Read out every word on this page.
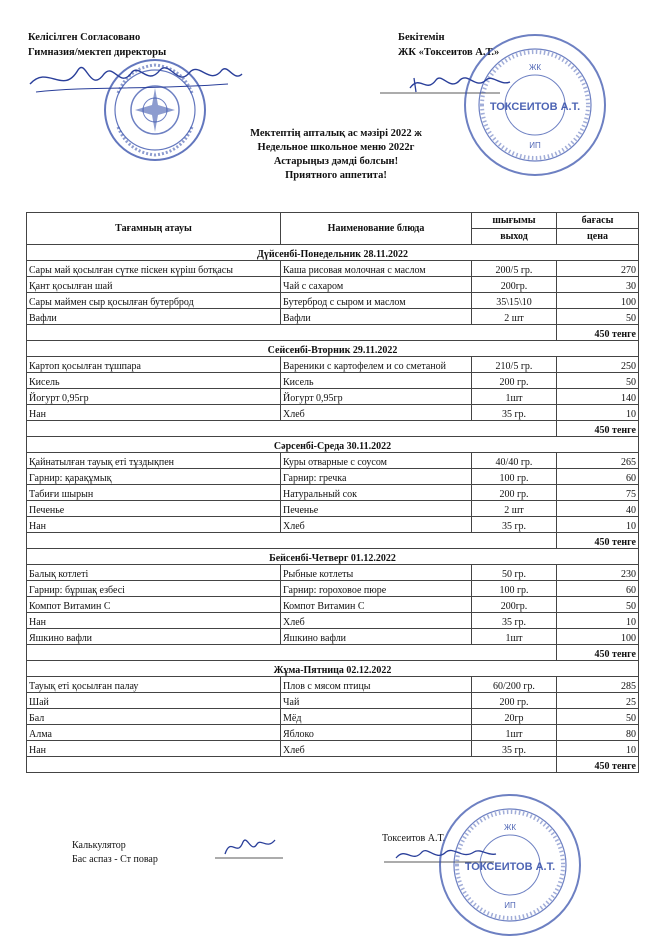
Келісілген Согласовано
Гимназия/мектеп директоры
Бекітемін
ЖК «Токсеитов А.Т.»
ЖК
ТОКСЕИТОВ А.Т.
ИП
Мектептің апталық ас мәзірі 2022 ж
Недельное школьное меню 2022г
Астарыңыз дәмді болсын!
Приятного аппетита!
Тағамның атауы	Наименование блюда	шығымы	бағасы
		выход	цена
Дүйсенбі-Понедельник 28.11.2022			
Сары май қосылған сүтке піскен күріш ботқасы	Каша рисовая молочная с маслом	200/5 гр.	270
Қант қосылған шай	Чай с сахаром	200гр.	30
Сары маймен сыр қосылған бутерброд	Бутерброд с сыром и маслом	35\15\10	100
Вафли	Вафли	2 шт	50
			450 тенге
Сейсенбі-Вторник 29.11.2022			
Картоп қосылған тұшпара	Вареники с картофелем и со сметаной	210/5 гр.	250
Кисель	Кисель	200 гр.	50
Йогурт 0,95гр	Йогурт 0,95гр	1шт	140
Нан	Хлеб	35 гр.	10
			450 тенге
Сәрсенбі-Среда 30.11.2022			
Қайнатылған тауық еті тұздықпен	Куры отварные с соусом	40/40 гр.	265
Гарнир: қарақұмық	Гарнир: гречка	100 гр.	60
Табиғи шырын	Натуральный сок	200 гр.	75
Печенье	Печенье	2 шт	40
Нан	Хлеб	35 гр.	10
			450 тенге
Бейсенбі-Четверг 01.12.2022			
Балық котлеті	Рыбные котлеты	50 гр.	230
Гарнир: бұршақ езбесі	Гарнир: гороховое пюре	100 гр.	60
Компот Витамин С	Компот Витамин С	200гр.	50
Нан	Хлеб	35 гр.	10
Яшкино вафли	Яшкино вафли	1шт	100
			450 тенге
Жұма-Пятница 02.12.2022			
Тауық еті қосылған палау	Плов с мясом птицы	60/200 гр.	285
Шай	Чай	200 гр.	25
Бал	Мёд	20гр	50
Алма	Яблоко	1шт	80
Нан	Хлеб	35 гр.	10
			450 тенге
Калькулятор
Бас аспаз - Ст повар
Токсеитов А.Т.
ЖК
ТОКСЕИТОВ А.Т.
ИП
